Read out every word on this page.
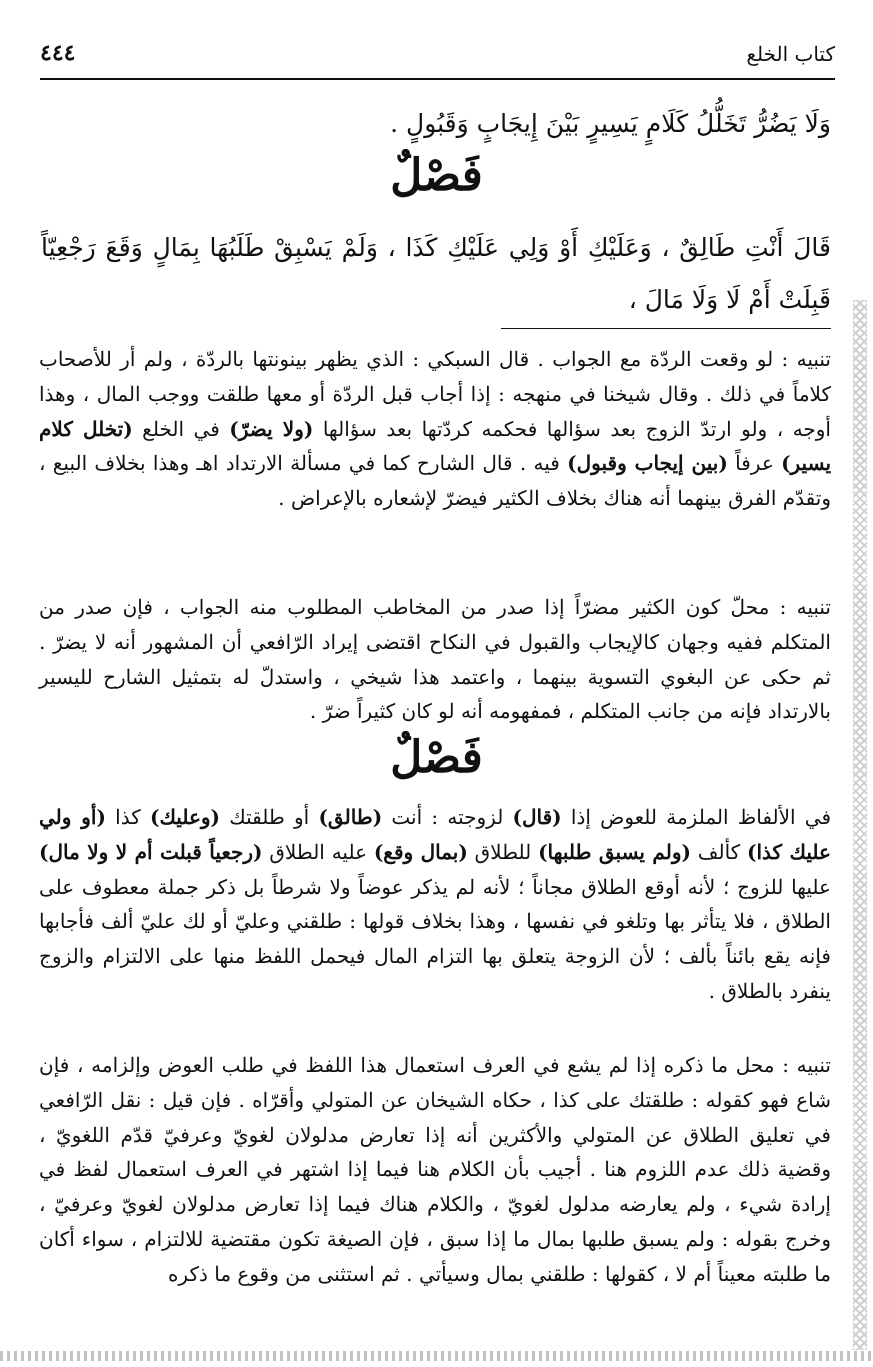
كتاب الخلع
٤٤٤
وَلَا يَضُرُّ تَخَلُّلُ كَلَامٍ يَسِيرٍ بَيْنَ إِيجَابٍ وَقَبُولٍ .
فَصْلٌ
قَالَ أَنْتِ طَالِقٌ ، وَعَلَيْكِ أَوْ وَلِي عَلَيْكِ كَذَا ، وَلَمْ يَسْبِقْ طَلَبُهَا بِمَالٍ وَقَعَ رَجْعِيّاً قَبِلَتْ أَمْ لَا وَلَا مَالَ ،

تنبيه : لو وقعت الردّة مع الجواب . قال السبكي : الذي يظهر بينونتها بالردّة ، ولم أر للأصحاب كلاماً في ذلك . وقال شيخنا في منهجه : إذا أجاب قبل الردّة أو معها طلقت ووجب المال ، وهذا أوجه ، ولو ارتدّ الزوج بعد سؤالها فحكمه كردّتها بعد سؤالها (ولا يضرّ) في الخلع (تخلل كلام يسير) عرفاً (بين إيجاب وقبول) فيه . قال الشارح كما في مسألة الارتداد اهـ وهذا بخلاف البيع ، وتقدّم الفرق بينهما أنه هناك بخلاف الكثير فيضرّ لإشعاره بالإعراض .

تنبيه : محلّ كون الكثير مضرّاً إذا صدر من المخاطب المطلوب منه الجواب ، فإن صدر من المتكلم ففيه وجهان كالإيجاب والقبول في النكاح اقتضى إيراد الرّافعي أن المشهور أنه لا يضرّ . ثم حكى عن البغوي التسوية بينهما ، واعتمد هذا شيخي ، واستدلّ له بتمثيل الشارح لليسير بالارتداد فإنه من جانب المتكلم ، فمفهومه أنه لو كان كثيراً ضرّ .

فَصْلٌ

في الألفاظ الملزمة للعوض إذا (قال) لزوجته : أنت (طالق) أو طلقتك (وعليك) كذا (أو ولي عليك كذا) كألف (ولم يسبق طلبها) للطلاق (بمال وقع) عليه الطلاق (رجعياً قبلت أم لا ولا مال) عليها للزوج ؛ لأنه أوقع الطلاق مجاناً ؛ لأنه لم يذكر عوضاً ولا شرطاً بل ذكر جملة معطوف على الطلاق ، فلا يتأثر بها وتلغو في نفسها ، وهذا بخلاف قولها : طلقني وعليّ أو لك عليّ ألف فأجابها فإنه يقع بائناً بألف ؛ لأن الزوجة يتعلق بها التزام المال فيحمل اللفظ منها على الالتزام والزوج ينفرد بالطلاق .

تنبيه : محل ما ذكره إذا لم يشع في العرف استعمال هذا اللفظ في طلب العوض وإلزامه ، فإن شاع فهو كقوله : طلقتك على كذا ، حكاه الشيخان عن المتولي وأقرّاه . فإن قيل : نقل الرّافعي في تعليق الطلاق عن المتولي والأكثرين أنه إذا تعارض مدلولان لغويّ وعرفيّ قدّم اللغويّ ، وقضية ذلك عدم اللزوم هنا . أجيب بأن الكلام هنا فيما إذا اشتهر في العرف استعمال لفظ في إرادة شيء ، ولم يعارضه مدلول لغويّ ، والكلام هناك فيما إذا تعارض مدلولان لغويّ وعرفيّ ، وخرج بقوله : ولم يسبق طلبها بمال ما إذا سبق ، فإن الصيغة تكون مقتضية للالتزام ، سواء أكان ما طلبته معيناً أم لا ، كقولها : طلقني بمال وسيأتي . ثم استثنى من وقوع ما ذكره
